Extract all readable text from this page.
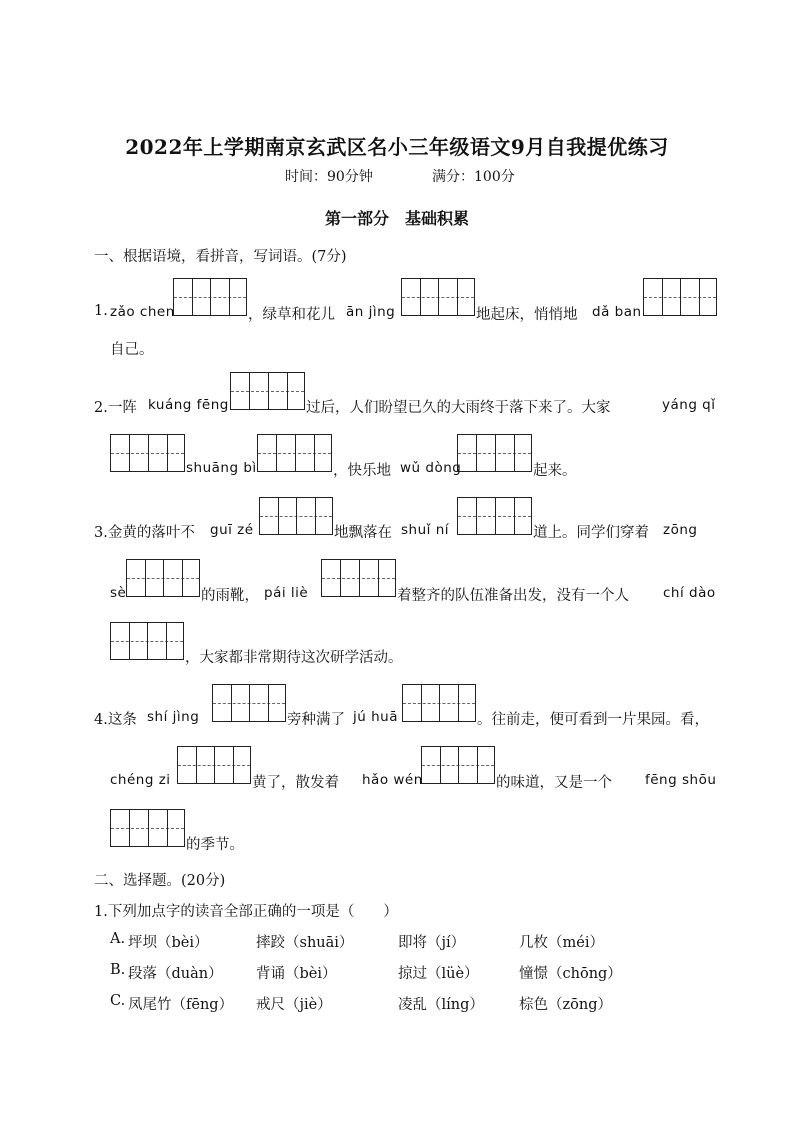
2022年上学期南京玄武区名小三年级语文9月自我提优练习
时间：90分钟	满分：100分
第一部分　基础积累
一、根据语境，看拼音，写词语。(7分)
1. zǎo chen	，绿草和花儿 ān jìng	地起床，悄悄地 dǎ ban
自己。
2.一阵 kuáng fēng	过后，人们盼望已久的大雨终于落下来了。大家	yáng qǐ
shuāng bì	，快乐地 wǔ dòng	起来。
3.金黄的落叶不 guī zé	地飘落在 shuǐ ní	道上。同学们穿着 zōng
sè	的雨靴， pái liè	着整齐的队伍准备出发，没有一个人	chí dào
，大家都非常期待这次研学活动。
4.这条 shí jìng	旁种满了 jú huā	。往前走，便可看到一片果园。看，
chéng zi	黄了，散发着 hǎo wén	的味道，又是一个 fēng shōu
的季节。
二、选择题。(20分)
1.下列加点字的读音全部正确的一项是（　　）
A. 坪坝（bèi）	摔跤（shuāi）	即将（jí）	几枚（méi）
B. 段落（duàn） 背诵（bèi）	掠过（lüè）	憧憬（chōng）
C. 凤尾竹（fēng） 戒尺（jiè）	凌乱（líng） 棕色（zōng）
